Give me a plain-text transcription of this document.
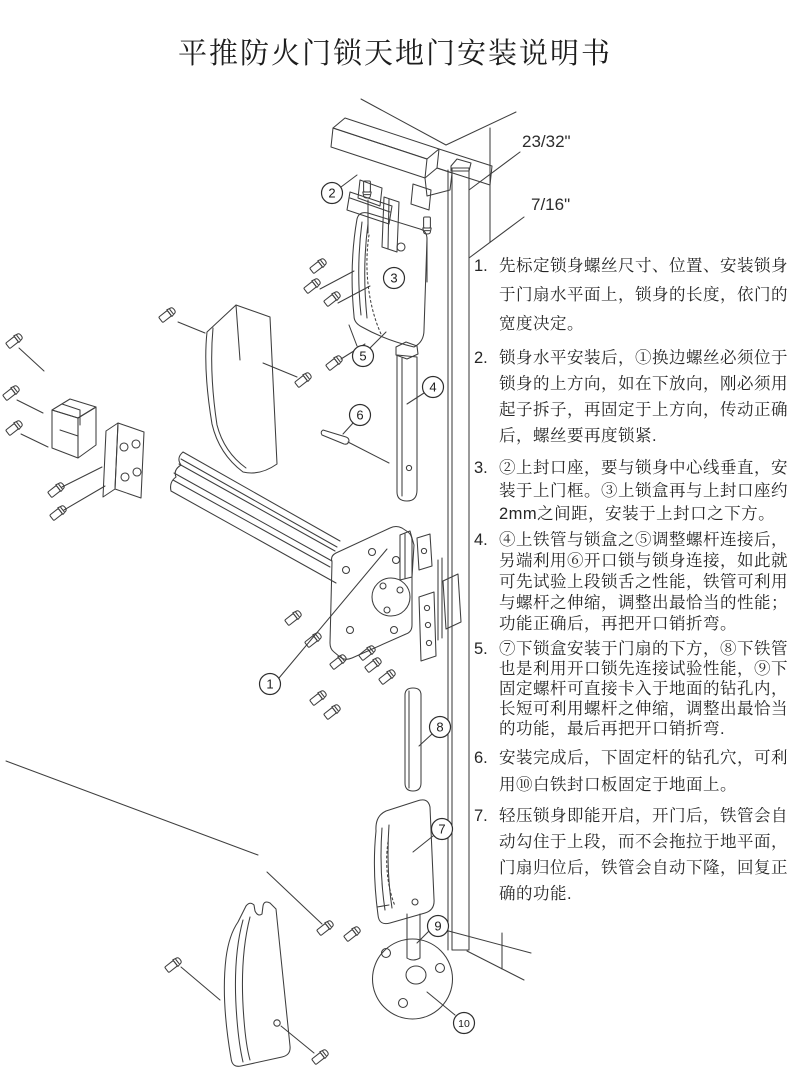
平推防火门锁天地门安装说明书
23/32"
7/16"
2
3
5
4
6
1
8
7
9
10
1. 先标定锁身螺丝尺寸、位置、安装锁身于门扇水平面上，锁身的长度，依门的宽度决定。
2. 锁身水平安装后，①换边螺丝必须位于锁身的上方向，如在下放向，刚必须用起子拆子，再固定于上方向，传动正确后，螺丝要再度锁紧.
3. ②上封口座，要与锁身中心线垂直，安装于上门框。③上锁盒再与上封口座约2mm之间距，安装于上封口之下方。
4. ④上铁管与锁盒之⑤调整螺杆连接后，另端利用⑥开口锁与锁身连接，如此就可先试验上段锁舌之性能，铁管可利用与螺杆之伸缩，调整出最恰当的性能；功能正确后，再把开口销折弯。
5. ⑦下锁盒安装于门扇的下方，⑧下铁管也是利用开口锁先连接试验性能，⑨下固定螺杆可直接卡入于地面的钻孔内，长短可利用螺杆之伸缩，调整出最恰当的功能，最后再把开口销折弯.
6. 安装完成后，下固定杆的钻孔穴，可利用⑩白铁封口板固定于地面上。
7. 轻压锁身即能开启，开门后，铁管会自动勾住于上段，而不会拖拉于地平面，门扇归位后，铁管会自动下隆，回复正确的功能.
